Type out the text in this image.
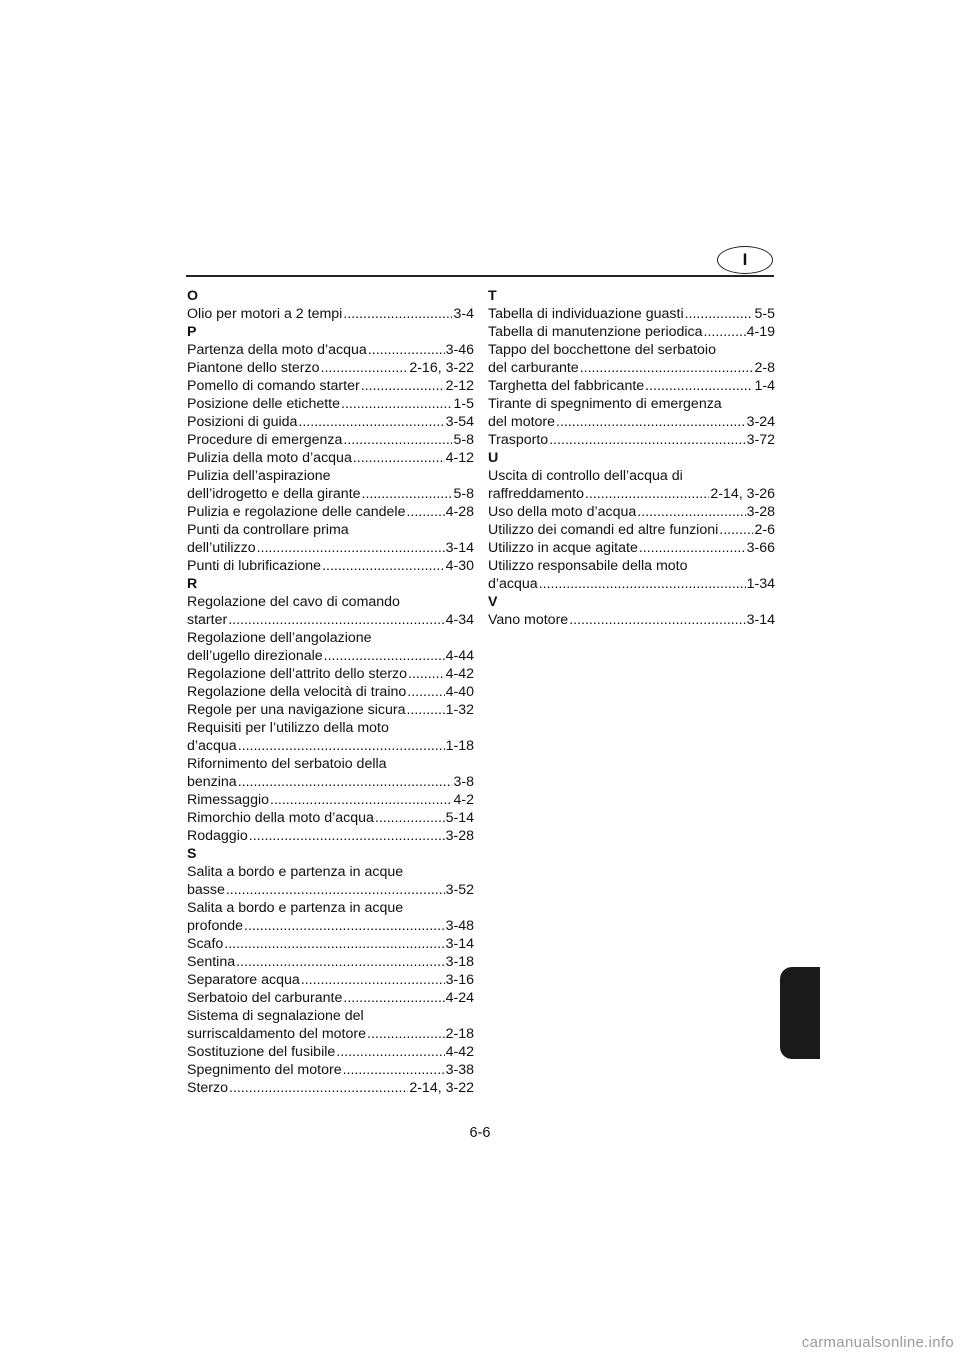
I
O
Olio per motori a 2 tempi .....	3-4
P
Partenza della moto d’acqua .....	3-46
Piantone dello sterzo .....	2-16, 3-22
Pomello di comando starter .....	2-12
Posizione delle etichette .....	1-5
Posizioni di guida .....	3-54
Procedure di emergenza .....	5-8
Pulizia della moto d’acqua .....	4-12
Pulizia dell’aspirazione
dell’idrogetto e della girante .....	5-8
Pulizia e regolazione delle candele .....	4-28
Punti da controllare prima
dell’utilizzo .....	3-14
Punti di lubrificazione .....	4-30
R
Regolazione del cavo di comando
starter .....	4-34
Regolazione dell’angolazione
dell’ugello direzionale .....	4-44
Regolazione dell’attrito dello sterzo .....	4-42
Regolazione della velocità di traino .....	4-40
Regole per una navigazione sicura .....	1-32
Requisiti per l’utilizzo della moto
d’acqua .....	1-18
Rifornimento del serbatoio della
benzina .....	3-8
Rimessaggio .....	4-2
Rimorchio della moto d’acqua .....	5-14
Rodaggio .....	3-28
S
Salita a bordo e partenza in acque
basse .....	3-52
Salita a bordo e partenza in acque
profonde .....	3-48
Scafo .....	3-14
Sentina .....	3-18
Separatore acqua .....	3-16
Serbatoio del carburante .....	4-24
Sistema di segnalazione del
surriscaldamento del motore .....	2-18
Sostituzione del fusibile .....	4-42
Spegnimento del motore .....	3-38
Sterzo .....	2-14, 3-22
T
Tabella di individuazione guasti .....	5-5
Tabella di manutenzione periodica .....	4-19
Tappo del bocchettone del serbatoio
del carburante .....	2-8
Targhetta del fabbricante .....	1-4
Tirante di spegnimento di emergenza
del motore .....	3-24
Trasporto .....	3-72
U
Uscita di controllo dell’acqua di
raffreddamento .....	2-14, 3-26
Uso della moto d’acqua .....	3-28
Utilizzo dei comandi ed altre funzioni .....	2-6
Utilizzo in acque agitate .....	3-66
Utilizzo responsabile della moto
d’acqua .....	1-34
V
Vano motore .....	3-14
6-6
carmanualsonline.info
